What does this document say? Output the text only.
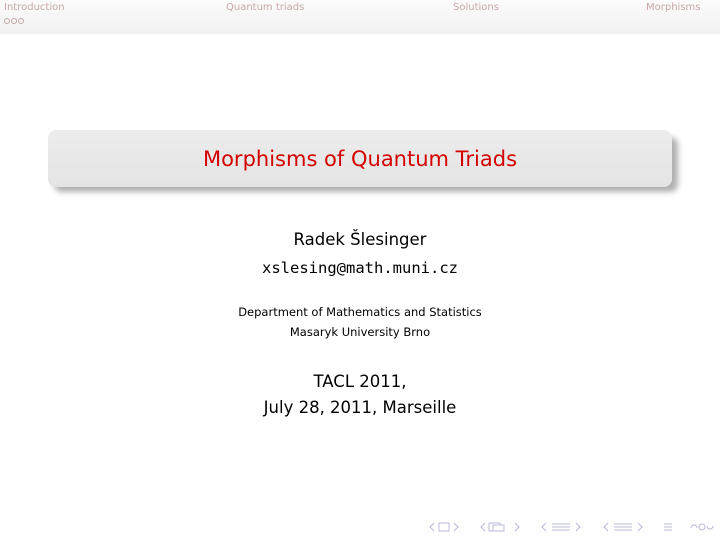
Introduction	Quantum triads	Solutions	Morphisms
Morphisms of Quantum Triads
Radek Šlesinger
xslesing@math.muni.cz
Department of Mathematics and Statistics
Masaryk University Brno
TACL 2011,
July 28, 2011, Marseille
